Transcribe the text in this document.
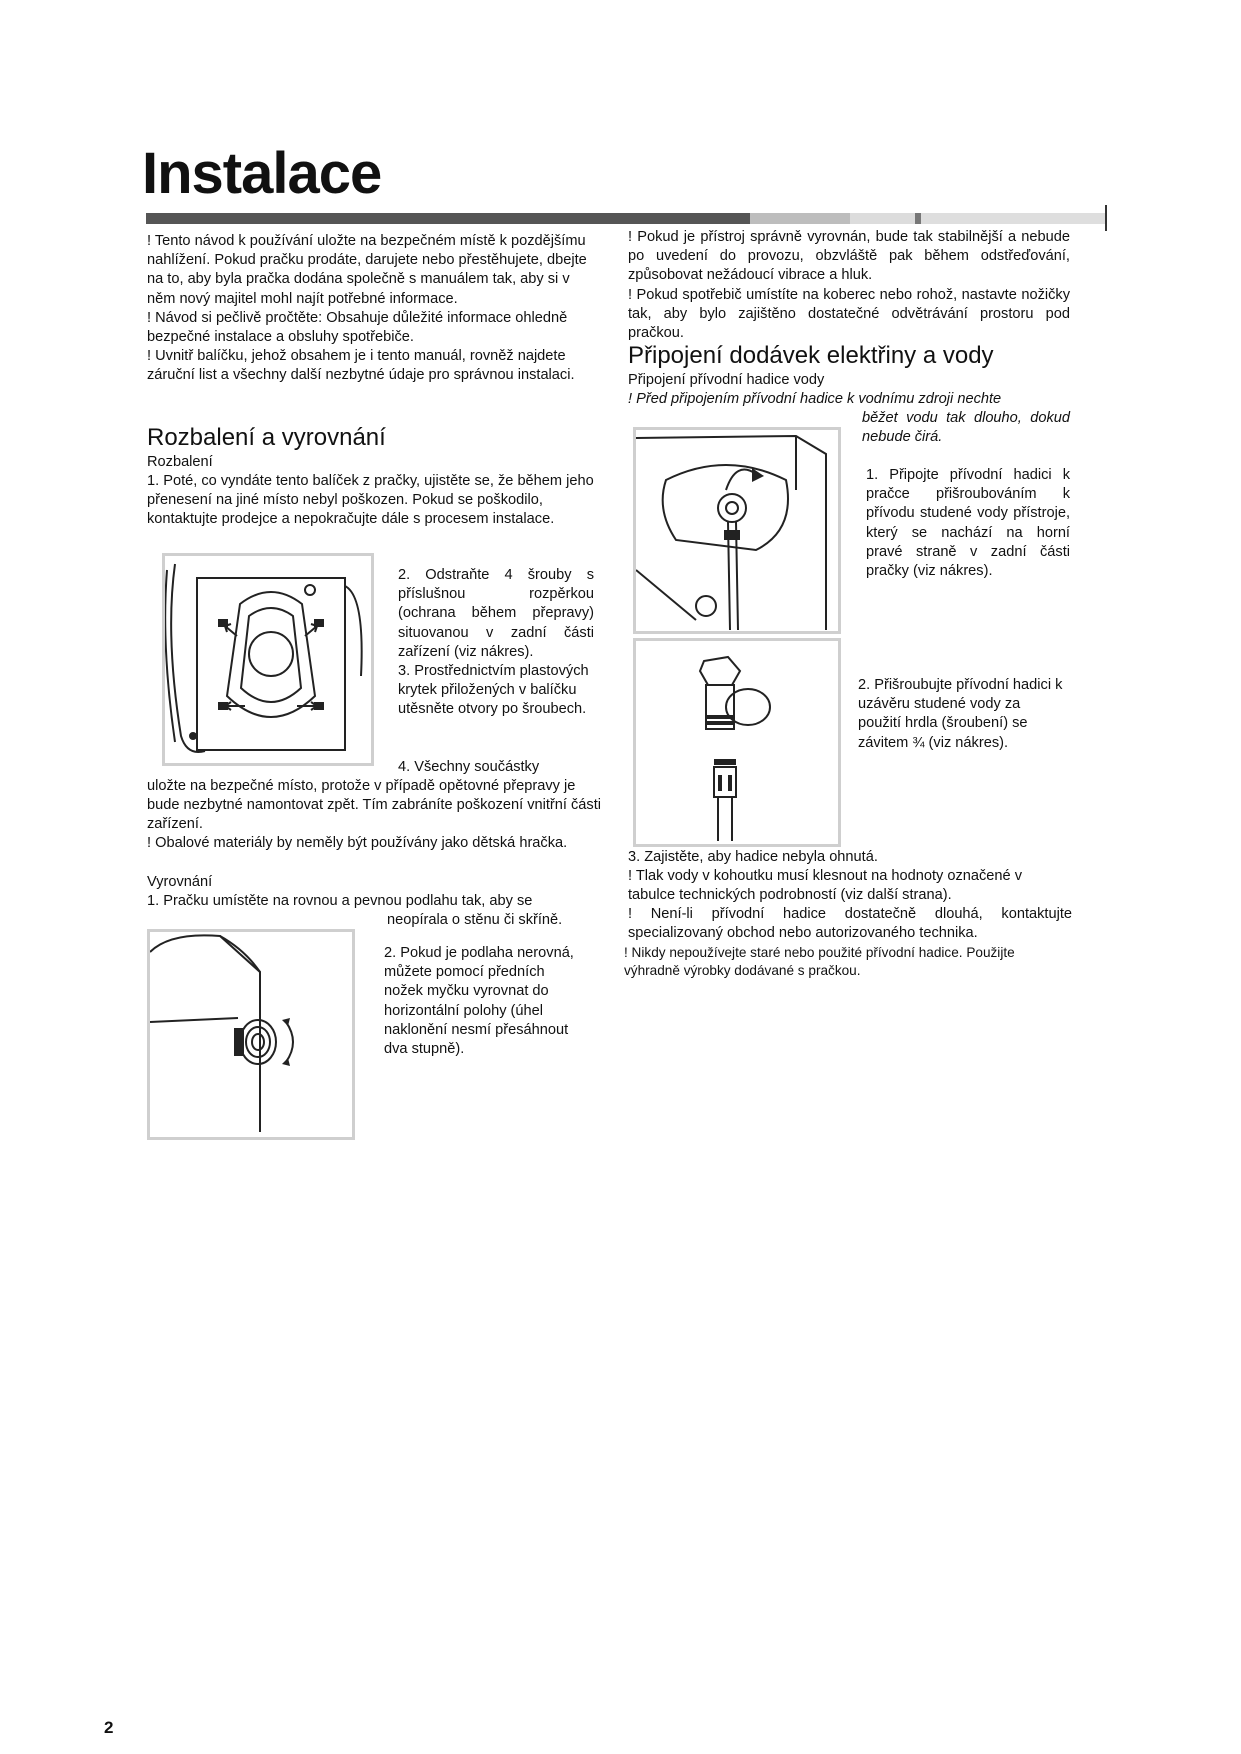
Instalace

! Tento návod k používání uložte na bezpečném místě k pozdějšímu nahlížení. Pokud pračku prodáte, darujete nebo přestěhujete, dbejte na to, aby byla pračka dodána společně s manuálem tak, aby si v něm nový majitel mohl najít potřebné informace.

! Návod si pečlivě pročtěte: Obsahuje důležité informace ohledně bezpečné instalace a obsluhy spotřebiče.

! Uvnitř balíčku, jehož obsahem je i tento manuál, rovněž najdete záruční list a všechny další nezbytné údaje pro správnou instalaci.

Rozbalení a vyrovnání
Rozbalení
1. Poté, co vyndáte tento balíček z pračky, ujistěte se, že během jeho přenesení na jiné místo nebyl poškozen. Pokud se poškodilo, kontaktujte prodejce a nepokračujte dále s procesem instalace.
2. Odstraňte 4 šrouby s příslušnou rozpěrkou (ochrana během přepravy) situovanou v zadní části zařízení (viz nákres).
3. Prostřednictvím plastových krytek přiložených v balíčku utěsněte otvory po šroubech.
4. Všechny součástky
uložte na bezpečné místo, protože v případě opětovné přepravy je bude nezbytné namontovat zpět. Tím zabráníte poškození vnitřní části zařízení.
! Obalové materiály by neměly být používány jako dětská hračka.
Vyrovnání
1. Pračku umístěte na rovnou a pevnou podlahu tak, aby se
neopírala o stěnu či skříně.
2. Pokud je podlaha nerovná, můžete pomocí předních nožek myčku vyrovnat do horizontální polohy (úhel naklonění nesmí přesáhnout dva stupně).
! Pokud je přístroj správně vyrovnán, bude tak stabilnější a nebude po uvedení do provozu, obzvláště pak během odstřeďování, způsobovat nežádoucí vibrace a hluk.
! Pokud spotřebič umístíte na koberec nebo rohož, nastavte nožičky tak, aby bylo zajištěno dostatečné odvětrávání prostoru pod pračkou.
Připojení dodávek elektřiny a vody
Připojení přívodní hadice vody
! Před připojením přívodní hadice k vodnímu zdroji nechte
běžet vodu tak dlouho, dokud nebude čirá.
1. Připojte přívodní hadici k pračce přišroubováním k přívodu studené vody přístroje, který se nachází na horní pravé straně v zadní části pračky (viz nákres).
2. Přišroubujte přívodní hadici k uzávěru studené vody za použití hrdla (šroubení) se závitem ¾ (viz nákres).
3. Zajistěte, aby hadice nebyla ohnutá.
! Tlak vody v kohoutku musí klesnout na hodnoty označené v tabulce technických podrobností (viz další strana).
! Není-li přívodní hadice dostatečně dlouhá, kontaktujte specializovaný obchod nebo autorizovaného technika.
! Nikdy nepoužívejte staré nebo použité přívodní hadice. Použijte výhradně výrobky dodávané s pračkou.
2
